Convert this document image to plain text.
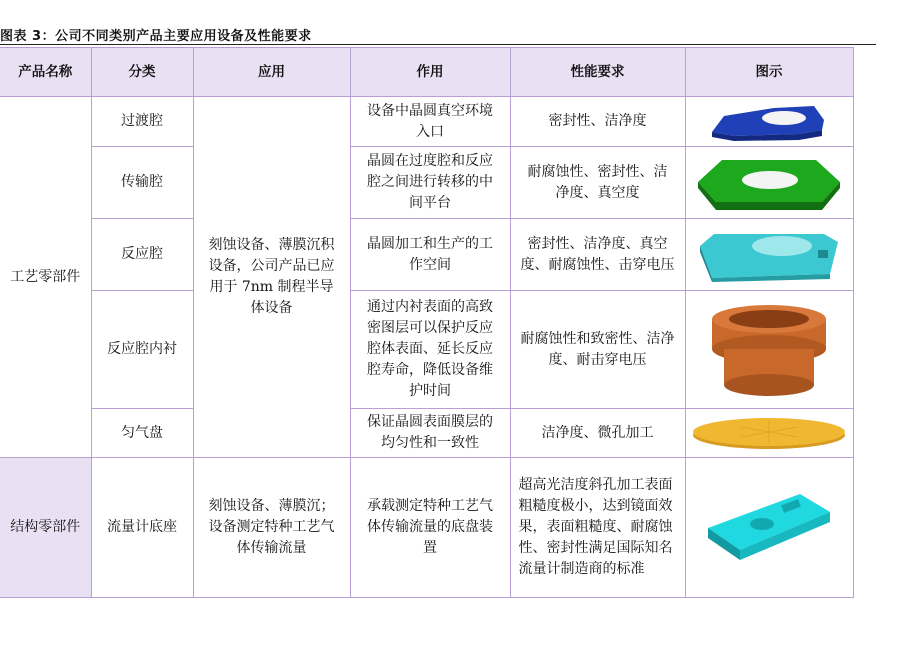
图表 3：公司不同类别产品主要应用设备及性能要求
产品名称	分类	应用	作用	性能要求	图示
工艺零部件	过渡腔	刻蚀设备、薄膜沉积设备，公司产品已应用于 7nm 制程半导体设备	设备中晶圆真空环境入口	密封性、洁净度	

	传输腔		晶圆在过度腔和反应腔之间进行转移的中间平台	耐腐蚀性、密封性、洁净度、真空度	

	反应腔		晶圆加工和生产的工作空间	密封性、洁净度、真空度、耐腐蚀性、击穿电压	

	反应腔内衬		通过内衬表面的高致密图层可以保护反应腔体表面、延长反应腔寿命，降低设备维护时间	耐腐蚀性和致密性、洁净度、耐击穿电压	

	匀气盘		保证晶圆表面膜层的均匀性和一致性	洁净度、微孔加工	

结构零部件	流量计底座	刻蚀设备、薄膜沉；设备测定特种工艺气体传输流量	承载测定特种工艺气体传输流量的底盘装置	超高光洁度斜孔加工表面粗糙度极小，达到镜面效果，表面粗糙度、耐腐蚀性、密封性满足国际知名流量计制造商的标准	
